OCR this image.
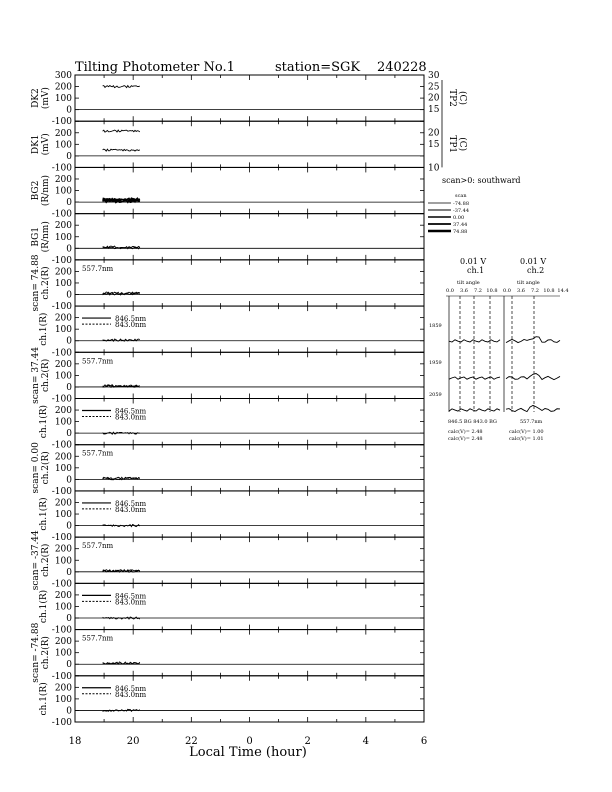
Tilting Photometer No.1	station=SGK 240228
300
200
100
0
-100
DK2(mV)
200
100
0
-100
DK1(mV)
200
100
0
-100
BG2(R/nm)
200
100
0
-100
BG1(R/nm)
200
100
0
-100
scan= 74.88ch.2(R)	557.7nm
200
100
0
-100
ch.1(R)	846.5nm
843.0nm
200
100
0
-100
scan= 37.44ch.2(R)	557.7nm
200
100
0
-100
ch.1(R)	846.5nm
843.0nm
200
100
0
-100
scan= 0.00ch.2(R)	557.7nm
200
100
0
-100
ch.1(R)	846.5nm
843.0nm
200
100
0
-100
scan= -37.44ch.2(R)	557.7nm
200
100
0
-100
ch.1(R)	846.5nm
843.0nm
200
100
0
-100
scan= -74.88ch.2(R)	557.7nm
200
100
0
-100
ch.1(R)	846.5nm
843.0nm
18	20	22	0	2	4	6
Local Time (hour)
30
25
20
15
20
15
10
TP2(C)
TP1(C)
scan>0: southward
scan
-74.88
-37.44
0.00
37.44
74.88
0.01 V
ch.1
0.01 V
ch.2
tilt angle	tilt angle
846.5 BG 843.0 BG	557.7nm
calc(V)= 2.48
calc(V)= 2.48
calc(V)= 1.00
calc(V)= 1.01
0.0 3.6 7.2 10.8 0.0 3.6 7.2 10.8 14.4
1859
1959
2059
